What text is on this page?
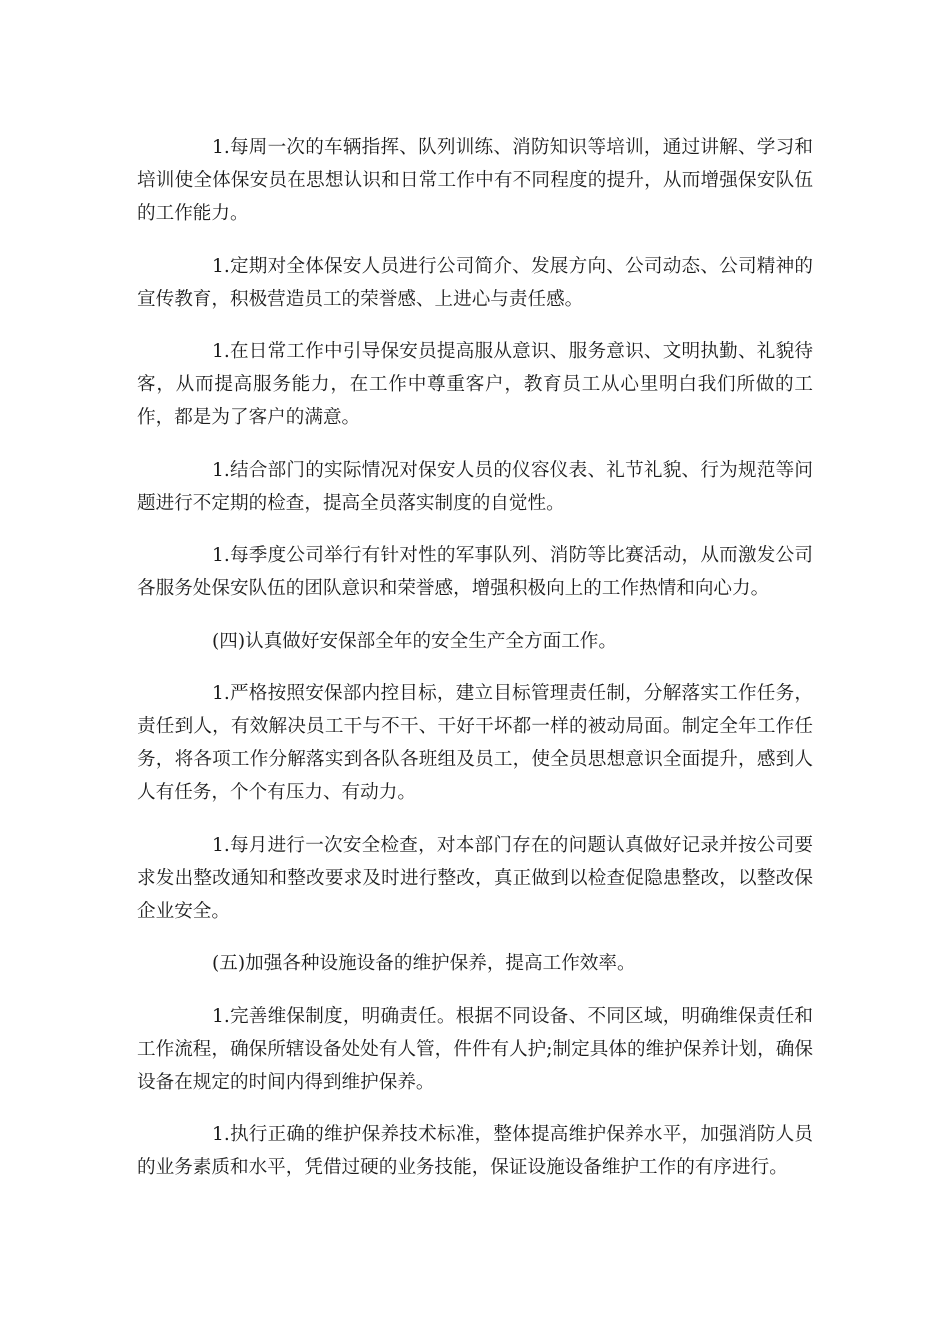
1.每周一次的车辆指挥、队列训练、消防知识等培训，通过讲解、学习和培训使全体保安员在思想认识和日常工作中有不同程度的提升，从而增强保安队伍的工作能力。

1.定期对全体保安人员进行公司简介、发展方向、公司动态、公司精神的宣传教育，积极营造员工的荣誉感、上进心与责任感。

1.在日常工作中引导保安员提高服从意识、服务意识、文明执勤、礼貌待客，从而提高服务能力，在工作中尊重客户，教育员工从心里明白我们所做的工作，都是为了客户的满意。

1.结合部门的实际情况对保安人员的仪容仪表、礼节礼貌、行为规范等问题进行不定期的检查，提高全员落实制度的自觉性。

1.每季度公司举行有针对性的军事队列、消防等比赛活动，从而激发公司各服务处保安队伍的团队意识和荣誉感，增强积极向上的工作热情和向心力。

(四)认真做好安保部全年的安全生产全方面工作。

1.严格按照安保部内控目标，建立目标管理责任制，分解落实工作任务，责任到人，有效解决员工干与不干、干好干坏都一样的被动局面。制定全年工作任务，将各项工作分解落实到各队各班组及员工，使全员思想意识全面提升，感到人人有任务，个个有压力、有动力。

1.每月进行一次安全检查，对本部门存在的问题认真做好记录并按公司要求发出整改通知和整改要求及时进行整改，真正做到以检查促隐患整改，以整改保企业安全。

(五)加强各种设施设备的维护保养，提高工作效率。

1.完善维保制度，明确责任。根据不同设备、不同区域，明确维保责任和工作流程，确保所辖设备处处有人管，件件有人护;制定具体的维护保养计划，确保设备在规定的时间内得到维护保养。

1.执行正确的维护保养技术标准，整体提高维护保养水平，加强消防人员的业务素质和水平，凭借过硬的业务技能，保证设施设备维护工作的有序进行。
